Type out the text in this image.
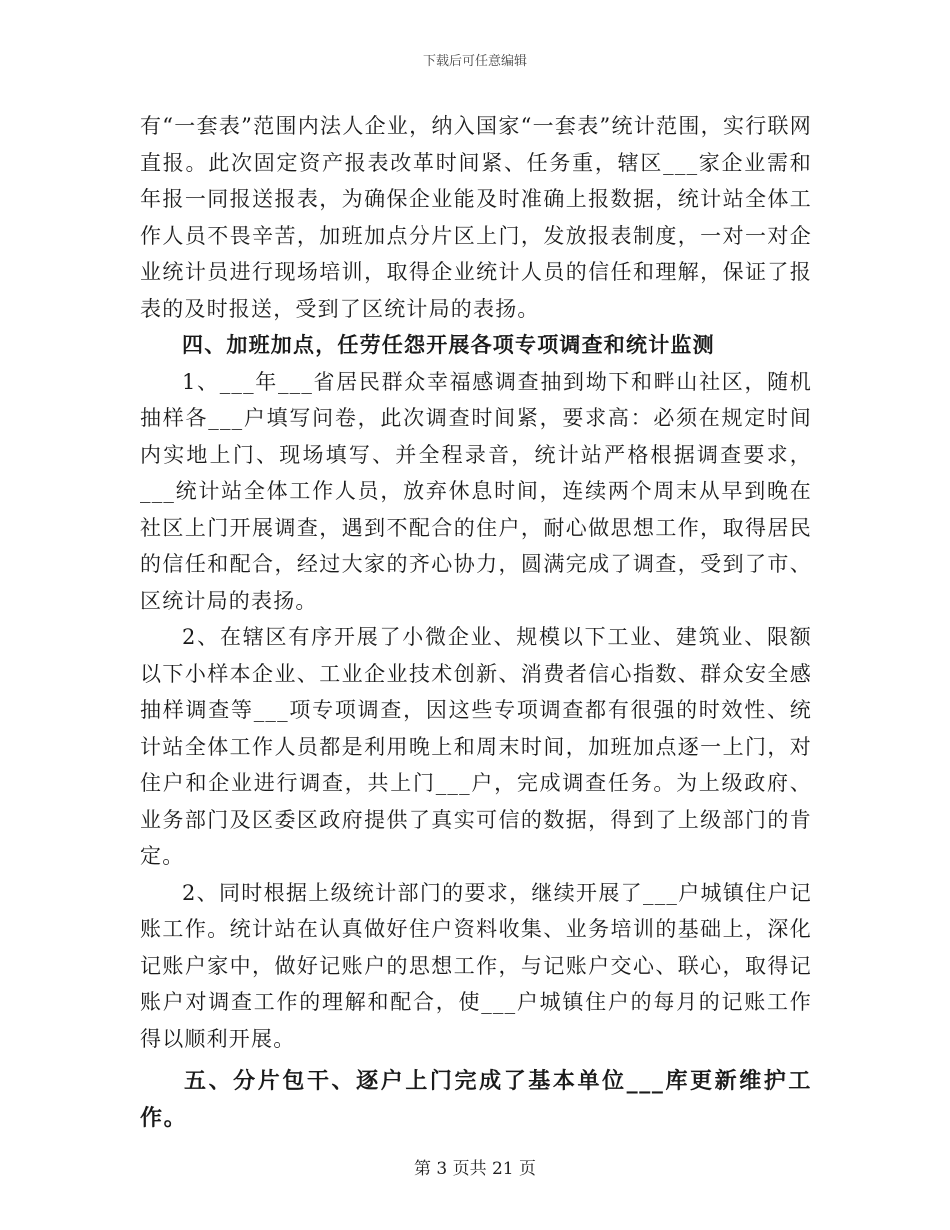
下载后可任意编辑

有“一套表”范围内法人企业，纳入国家“一套表”统计范围，实行联网直报。此次固定资产报表改革时间紧、任务重，辖区___家企业需和年报一同报送报表，为确保企业能及时准确上报数据，统计站全体工作人员不畏辛苦，加班加点分片区上门，发放报表制度，一对一对企业统计员进行现场培训，取得企业统计人员的信任和理解，保证了报表的及时报送，受到了区统计局的表扬。

四、加班加点，任劳任怨开展各项专项调查和统计监测

1、___年___省居民群众幸福感调查抽到坳下和畔山社区，随机抽样各___户填写问卷，此次调查时间紧，要求高：必须在规定时间内实地上门、现场填写、并全程录音，统计站严格根据调查要求，___统计站全体工作人员，放弃休息时间，连续两个周末从早到晚在社区上门开展调查，遇到不配合的住户，耐心做思想工作，取得居民的信任和配合，经过大家的齐心协力，圆满完成了调查，受到了市、区统计局的表扬。

2、在辖区有序开展了小微企业、规模以下工业、建筑业、限额以下小样本企业、工业企业技术创新、消费者信心指数、群众安全感抽样调查等___项专项调查，因这些专项调查都有很强的时效性、统计站全体工作人员都是利用晚上和周末时间，加班加点逐一上门，对住户和企业进行调查，共上门___户，完成调查任务。为上级政府、业务部门及区委区政府提供了真实可信的数据，得到了上级部门的肯定。

2、同时根据上级统计部门的要求，继续开展了___户城镇住户记账工作。统计站在认真做好住户资料收集、业务培训的基础上，深化记账户家中，做好记账户的思想工作，与记账户交心、联心，取得记账户对调查工作的理解和配合，使___户城镇住户的每月的记账工作得以顺利开展。

五、分片包干、逐户上门完成了基本单位___库更新维护工作。
第 3 页共 21 页
